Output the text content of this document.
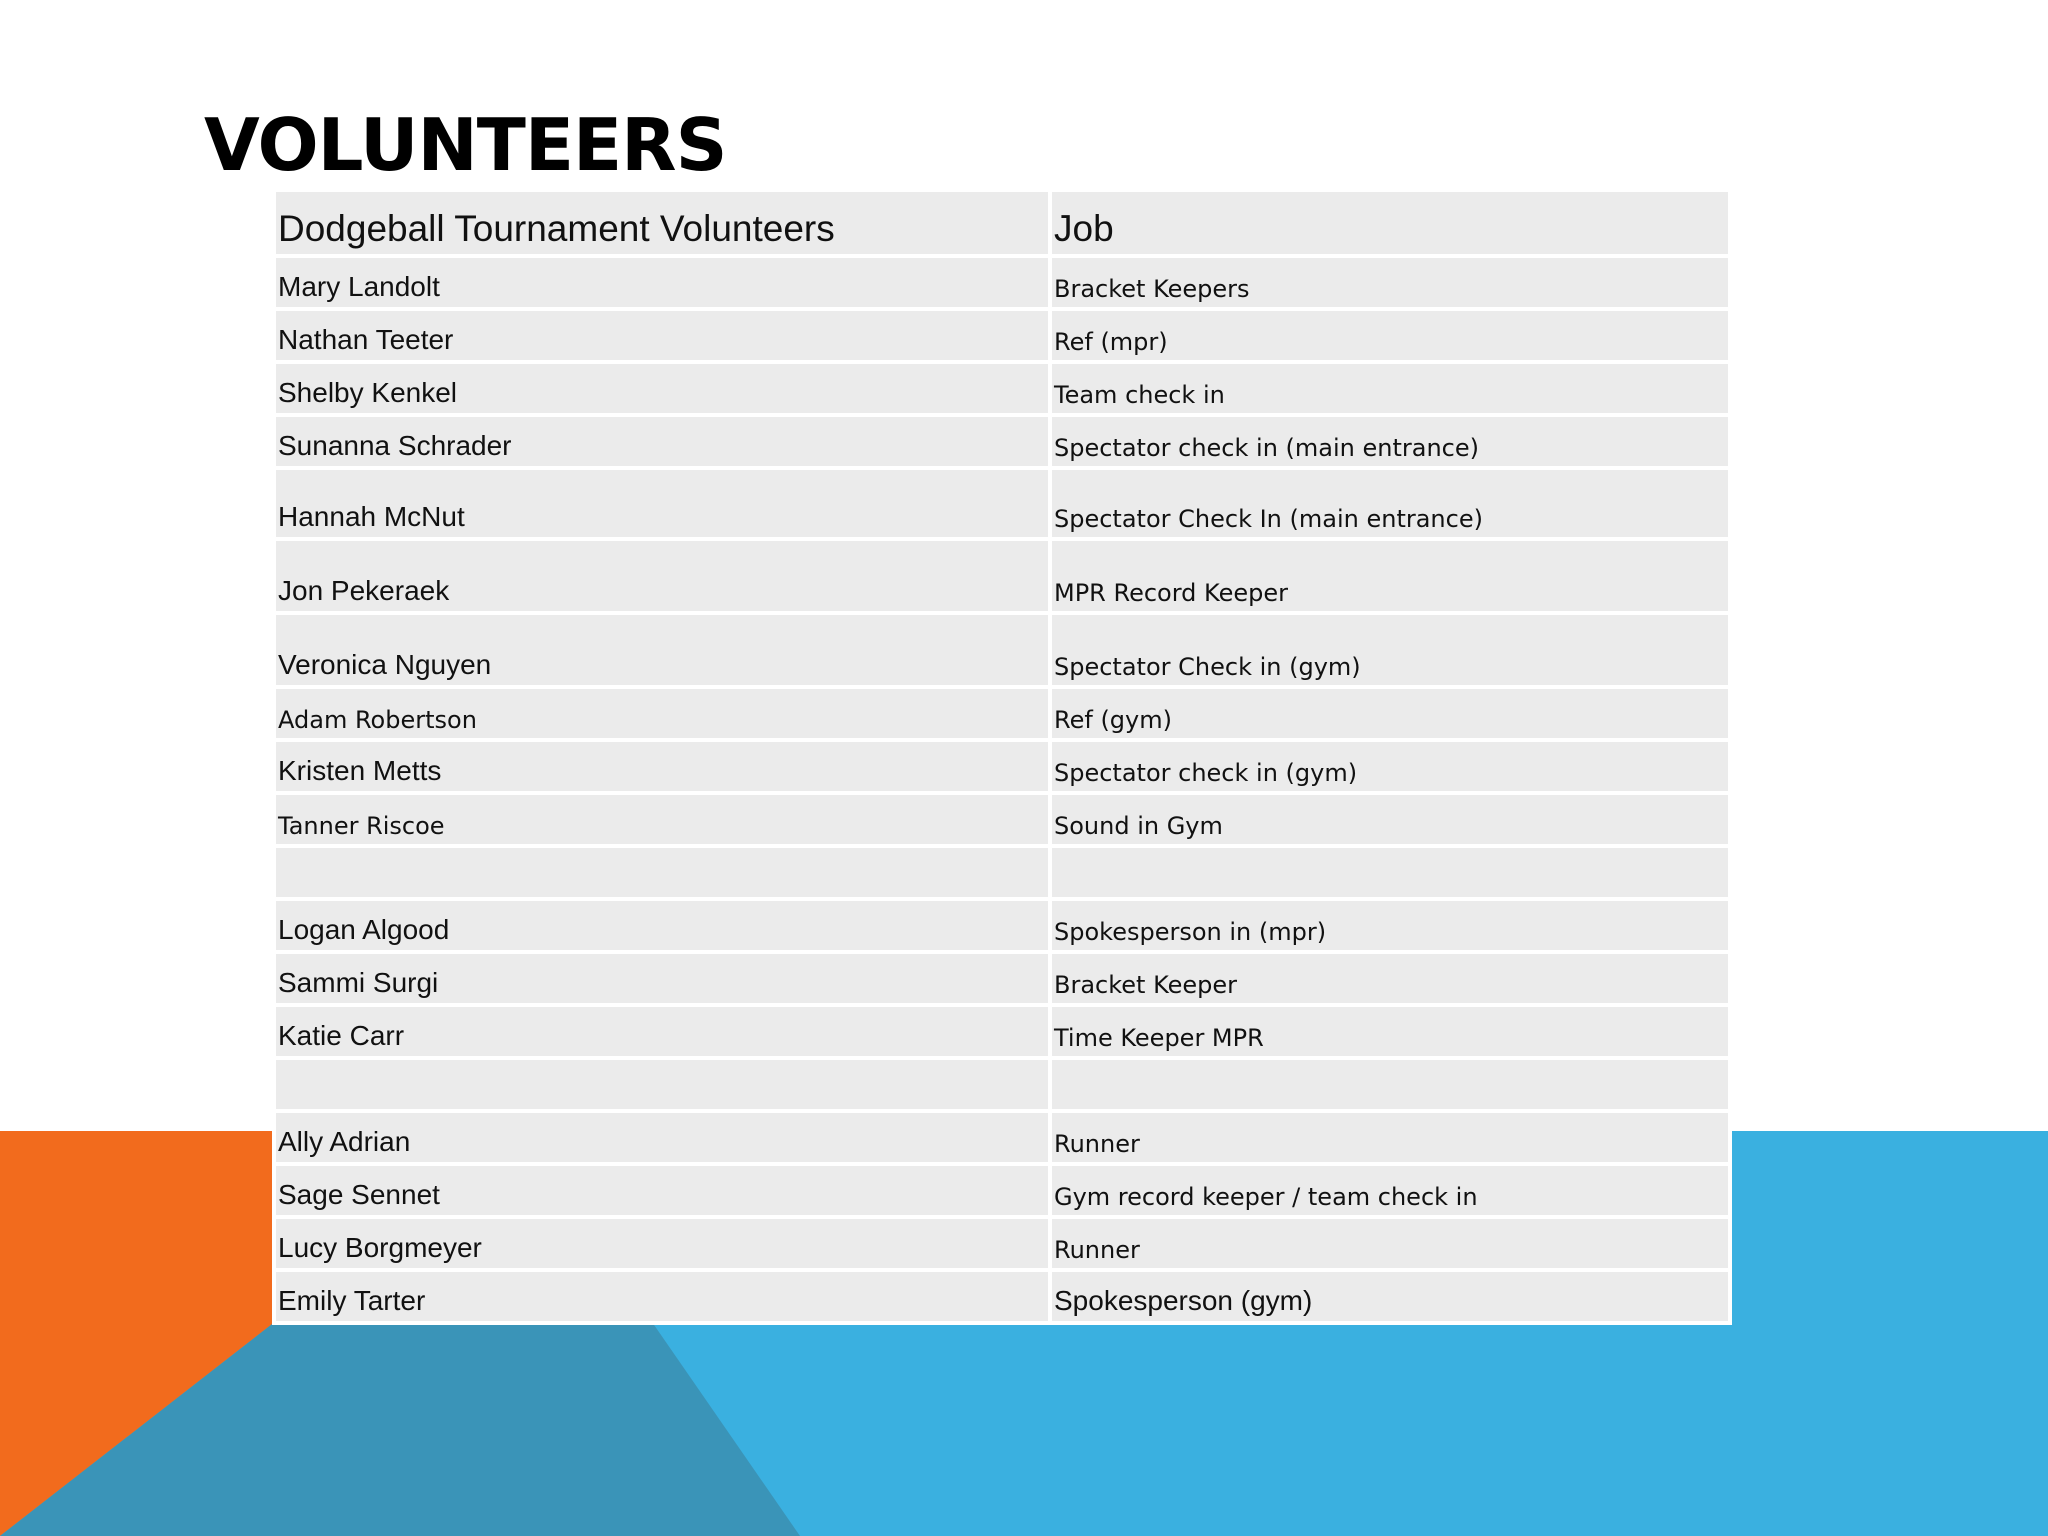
VOLUNTEERS
Dodgeball Tournament Volunteers	Job
Mary Landolt	Bracket Keepers
Nathan Teeter	Ref (mpr)
Shelby Kenkel	Team check in
Sunanna Schrader	Spectator check in (main entrance)
Hannah McNut	Spectator Check In (main entrance)
Jon Pekeraek	MPR Record Keeper
Veronica Nguyen	Spectator Check in (gym)
Adam Robertson	Ref (gym)
Kristen Metts	Spectator check in (gym)
Tanner Riscoe	Sound in Gym

Logan Algood	Spokesperson in (mpr)
Sammi Surgi	Bracket Keeper
Katie Carr	Time Keeper MPR

Ally Adrian	Runner
Sage Sennet	Gym record keeper / team check in
Lucy Borgmeyer	Runner
Emily Tarter	Spokesperson (gym)
